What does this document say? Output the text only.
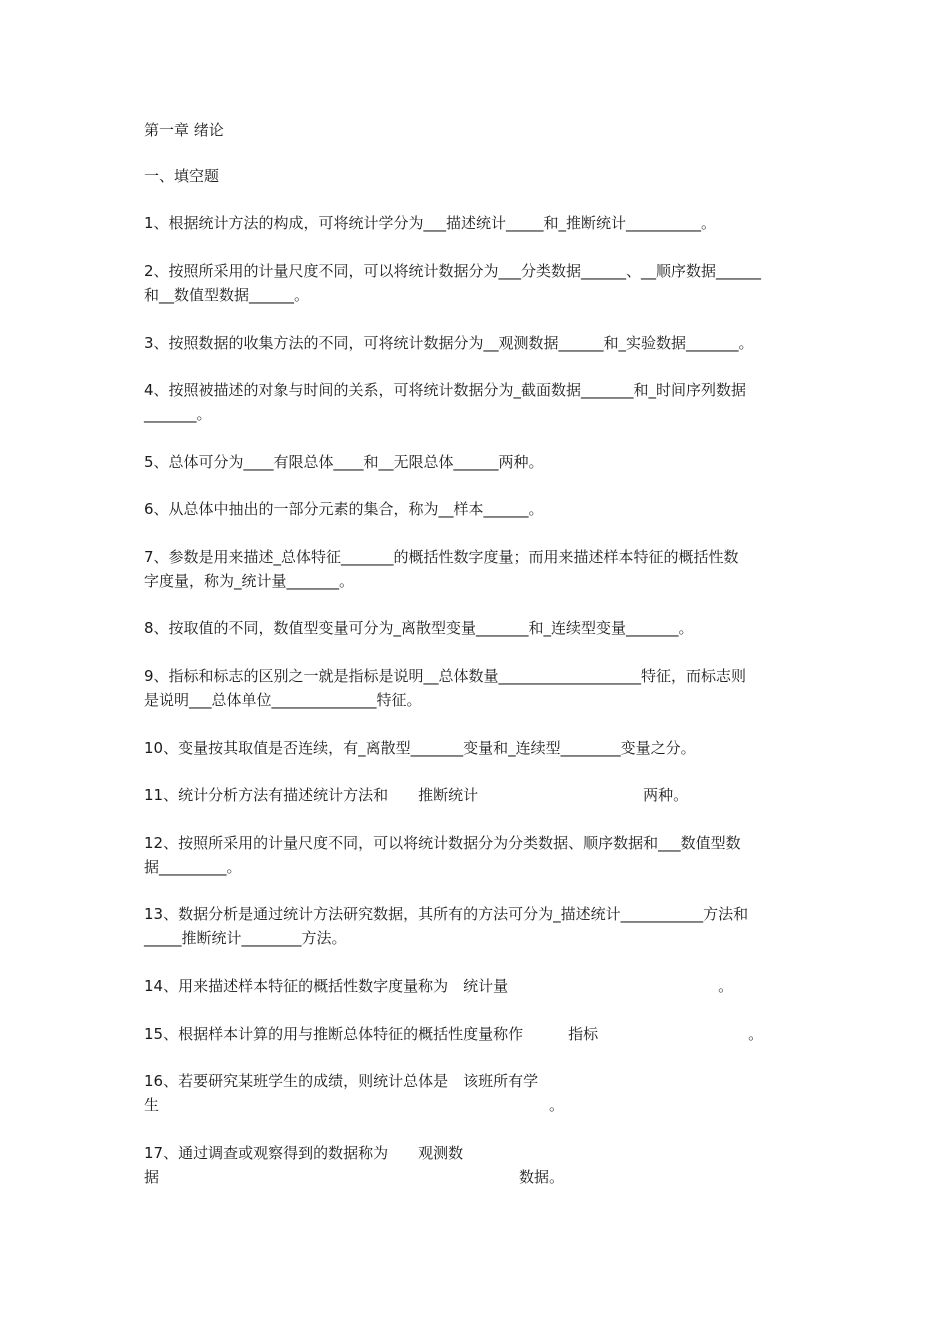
第一章 绪论
一、填空题
1、根据统计方法的构成，可将统计学分为___描述统计_____和_推断统计__________。
2、按照所采用的计量尺度不同，可以将统计数据分为___分类数据______、__顺序数据______
和__数值型数据______。
3、按照数据的收集方法的不同，可将统计数据分为__观测数据______和_实验数据_______。
4、按照被描述的对象与时间的关系，可将统计数据分为_截面数据_______和_时间序列数据
_______。
5、总体可分为____有限总体____和__无限总体______两种。
6、从总体中抽出的一部分元素的集合，称为__样本______。
7、参数是用来描述_总体特征_______的概括性数字度量；而用来描述样本特征的概括性数
字度量，称为_统计量_______。
8、按取值的不同，数值型变量可分为_离散型变量_______和_连续型变量_______。
9、指标和标志的区别之一就是指标是说明__总体数量___________________特征，而标志则
是说明___总体单位______________特征。
10、变量按其取值是否连续，有_离散型_______变量和_连续型________变量之分。
11、统计分析方法有描述统计方法和　　推断统计　　　　　　　　　　　两种。
12、按照所采用的计量尺度不同，可以将统计数据分为分类数据、顺序数据和___数值型数
据_________。
13、数据分析是通过统计方法研究数据，其所有的方法可分为_描述统计___________方法和
_____推断统计________方法。
14、用来描述样本特征的概括性数字度量称为　统计量　　　　　　　　　　　　　　。
15、根据样本计算的用与推断总体特征的概括性度量称作　　　指标　　　　　　　　　　。
16、若要研究某班学生的成绩，则统计总体是　该班所有学
生　　　　　　　　　　　　　　　　　　　　　　　　　　。
17、通过调查或观察得到的数据称为　　观测数
据　　　　　　　　　　　　　　　　　　　　　　　　数据。
